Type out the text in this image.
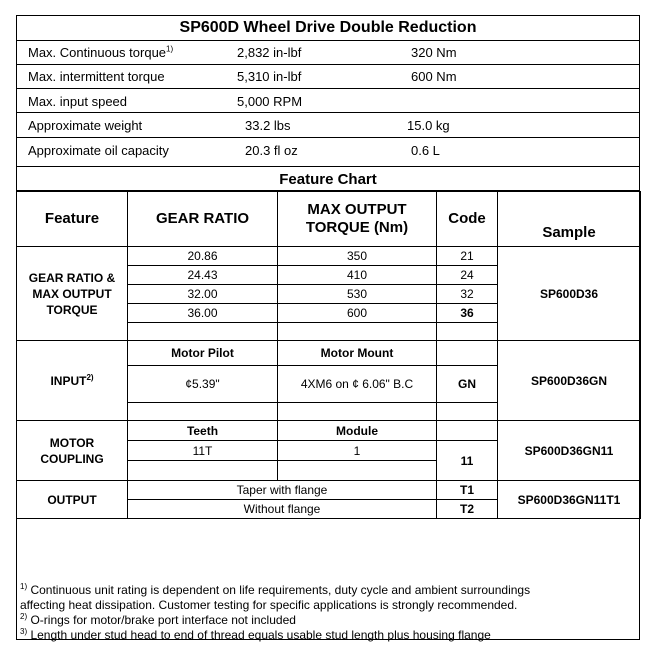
SP600D Wheel Drive Double Reduction
Max. Continuous torque$^{1)}$	2,832 in-lbf	320 Nm
Max. intermittent torque	5,310 in-lbf	600 Nm
Max. input speed	5,000 RPM
Approximate weight	33.2 lbs	15.0 kg
Approximate oil capacity	20.3 fl oz	0.6 L
Feature Chart
Feature	GEAR RATIO	MAX OUTPUT TORQUE (Nm)	Code	Sample
GEAR RATIO & MAX OUTPUT TORQUE	20.86	350	21	SP600D36
	24.43	410	24	
	32.00	530	32	
	36.00	600	36	

INPUT$^{2)}$	Motor Pilot	Motor Mount		SP600D36GN
	¢5.39"	4XM6 on ¢ 6.06" B.C	GN	

MOTOR COUPLING	Teeth	Module		SP600D36GN11
	11T	1	11	

OUTPUT	Taper with flange		T1	SP600D36GN11T1
	Without flange		T2	
$^{1)}$ Continuous unit rating is dependent on life requirements, duty cycle and ambient surroundings
affecting heat dissipation. Customer testing for specific applications is strongly recommended.
$^{2)}$ O-rings for motor/brake port interface not included
$^{3)}$ Length under stud head to end of thread equals usable stud length plus housing flange
